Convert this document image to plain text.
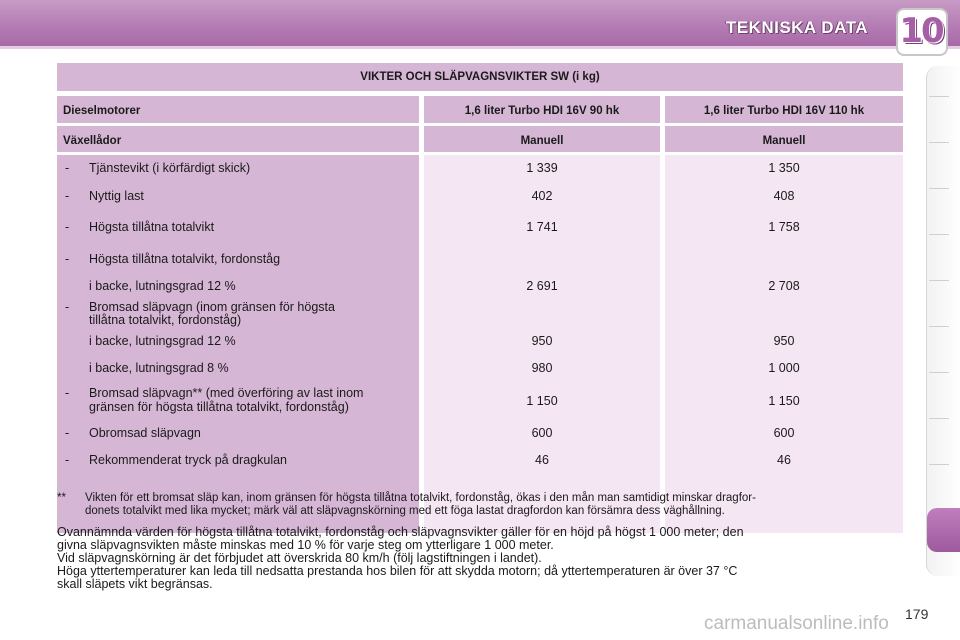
TEKNISKA DATA 10
VIKTER OCH SLÄPVAGNSVIKTER SW (i kg)
Dieselmotorer	1,6 liter Turbo HDI 16V 90 hk	1,6 liter Turbo HDI 16V 110 hk
Växellådor	Manuell	Manuell
- Tjänstevikt (i körfärdigt skick)	1 339	1 350
- Nyttig last	402	408
- Högsta tillåtna totalvikt	1 741	1 758
- Högsta tillåtna totalvikt, fordonståg
i backe, lutningsgrad 12 %	2 691	2 708
- Bromsad släpvagn (inom gränsen för högsta
tillåtna totalvikt, fordonståg)
i backe, lutningsgrad 12 %	950	950
i backe, lutningsgrad 8 %	980	1 000
- Bromsad släpvagn** (med överföring av last inom
gränsen för högsta tillåtna totalvikt, fordonståg)	1 150	1 150
- Obromsad släpvagn	600	600
- Rekommenderat tryck på dragkulan	46	46
** Vikten för ett bromsat släp kan, inom gränsen för högsta tillåtna totalvikt, fordonståg, ökas i den mån man samtidigt minskar dragfor-
donets totalvikt med lika mycket; märk väl att släpvagnskörning med ett föga lastat dragfordon kan försämra dess väghållning.
Ovannämnda värden för högsta tillåtna totalvikt, fordonståg och släpvagnsvikter gäller för en höjd på högst 1 000 meter; den
givna släpvagnsvikten måste minskas med 10 % för varje steg om ytterligare 1 000 meter.
Vid släpvagnskörning är det förbjudet att överskrida 80 km/h (följ lagstiftningen i landet).
Höga yttertemperaturer kan leda till nedsatta prestanda hos bilen för att skydda motorn; då yttertemperaturen är över 37 °C
skall släpets vikt begränsas.
carmanualsonline.info 179
